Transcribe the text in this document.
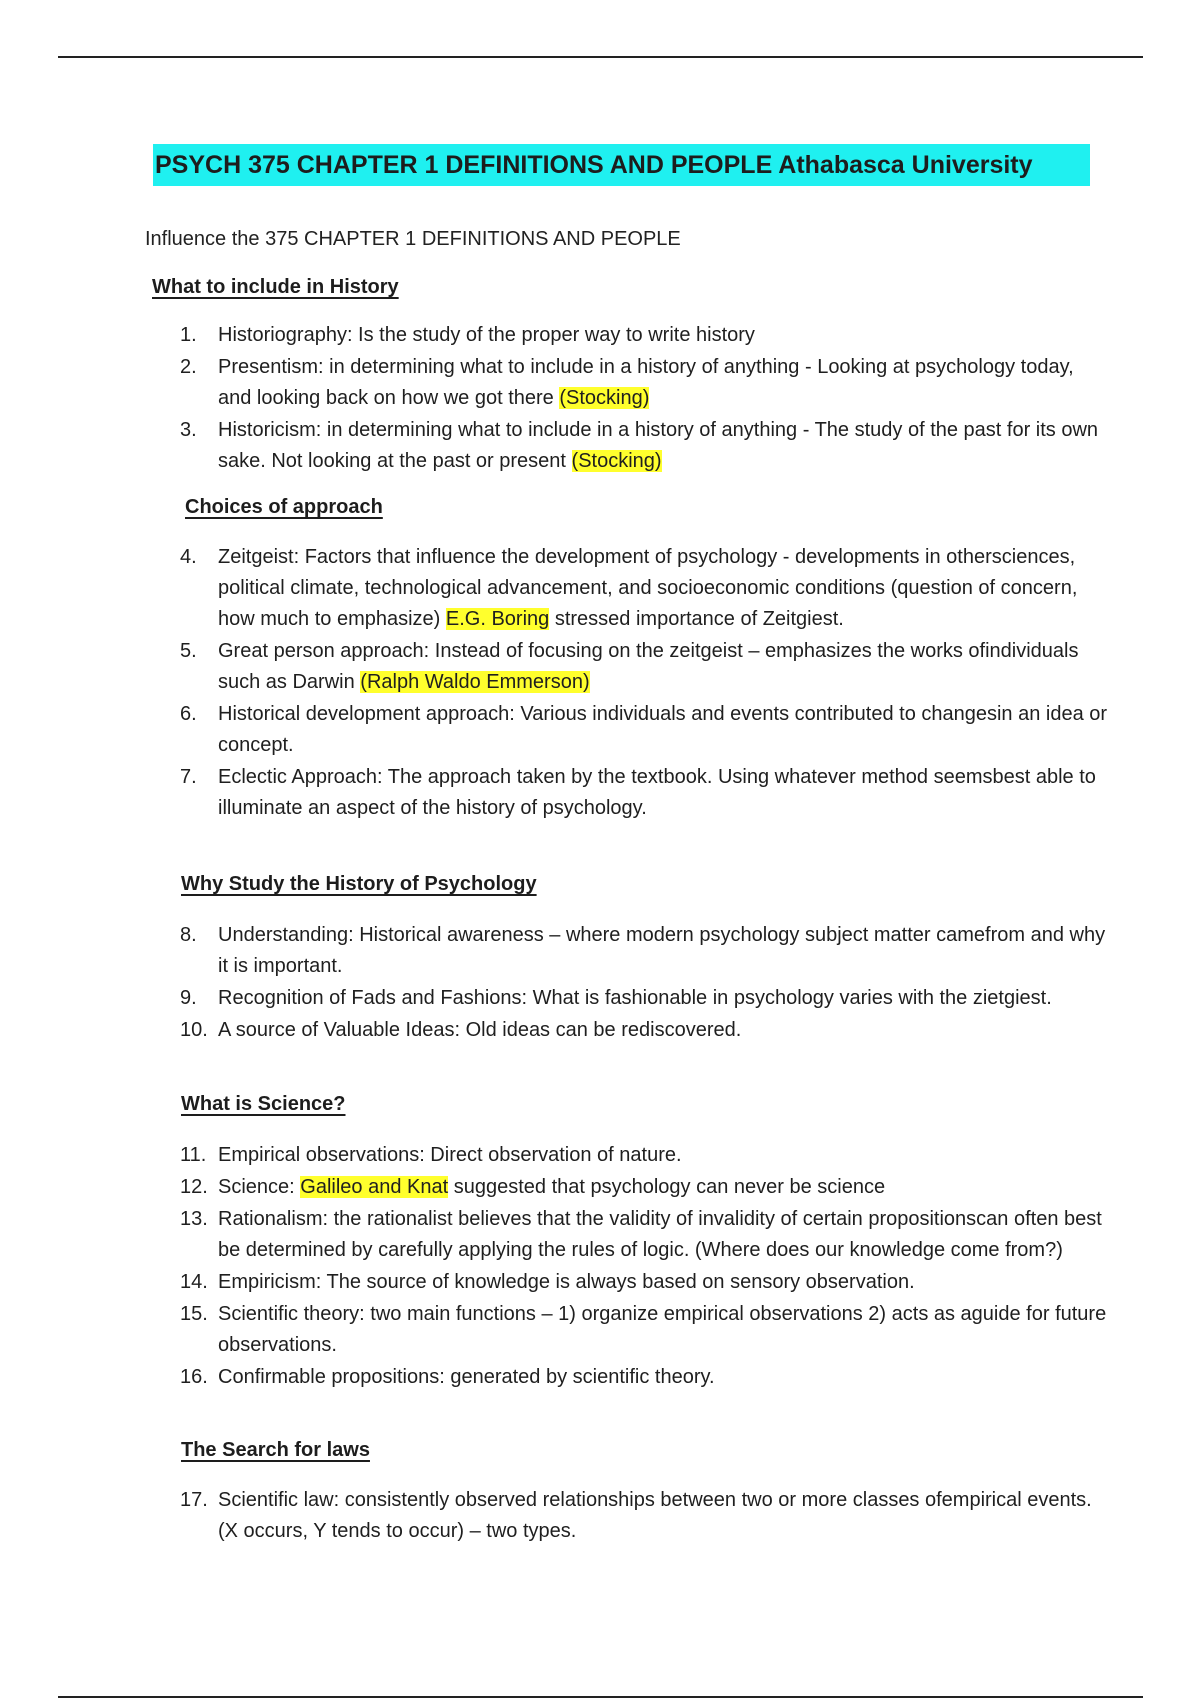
PSYCH 375 CHAPTER 1 DEFINITIONS AND PEOPLE Athabasca University
Influence the 375 CHAPTER 1 DEFINITIONS AND PEOPLE
What to include in History
1.	Historiography: Is the study of the proper way to write history
2.	Presentism: in determining what to include in a history of anything - Looking at psychology today, and looking back on how we got there (Stocking)
3.	Historicism: in determining what to include in a history of anything - The study of the past for its own sake. Not looking at the past or present (Stocking)
Choices of approach
4.	Zeitgeist: Factors that influence the development of psychology - developments in othersciences, political climate, technological advancement, and socioeconomic conditions (question of concern, how much to emphasize) E.G. Boring stressed importance of Zeitgiest.
5.	Great person approach: Instead of focusing on the zeitgeist – emphasizes the works ofindividuals such as Darwin (Ralph Waldo Emmerson)
6.	Historical development approach: Various individuals and events contributed to changesin an idea or concept.
7.	Eclectic Approach: The approach taken by the textbook. Using whatever method seemsbest able to illuminate an aspect of the history of psychology.
Why Study the History of Psychology
8.	Understanding: Historical awareness – where modern psychology subject matter camefrom and why it is important.
9.	Recognition of Fads and Fashions: What is fashionable in psychology varies with the zietgiest.
10. A source of Valuable Ideas: Old ideas can be rediscovered.
What is Science?
11. Empirical observations: Direct observation of nature.
12. Science: Galileo and Knat suggested that psychology can never be science
13. Rationalism: the rationalist believes that the validity of invalidity of certain propositionscan often best be determined by carefully applying the rules of logic. (Where does our knowledge come from?)
14. Empiricism: The source of knowledge is always based on sensory observation.
15. Scientific theory: two main functions – 1) organize empirical observations 2) acts as aguide for future observations.
16. Confirmable propositions: generated by scientific theory.
The Search for laws
17. Scientific law: consistently observed relationships between two or more classes ofempirical events. (X occurs, Y tends to occur) – two types.
